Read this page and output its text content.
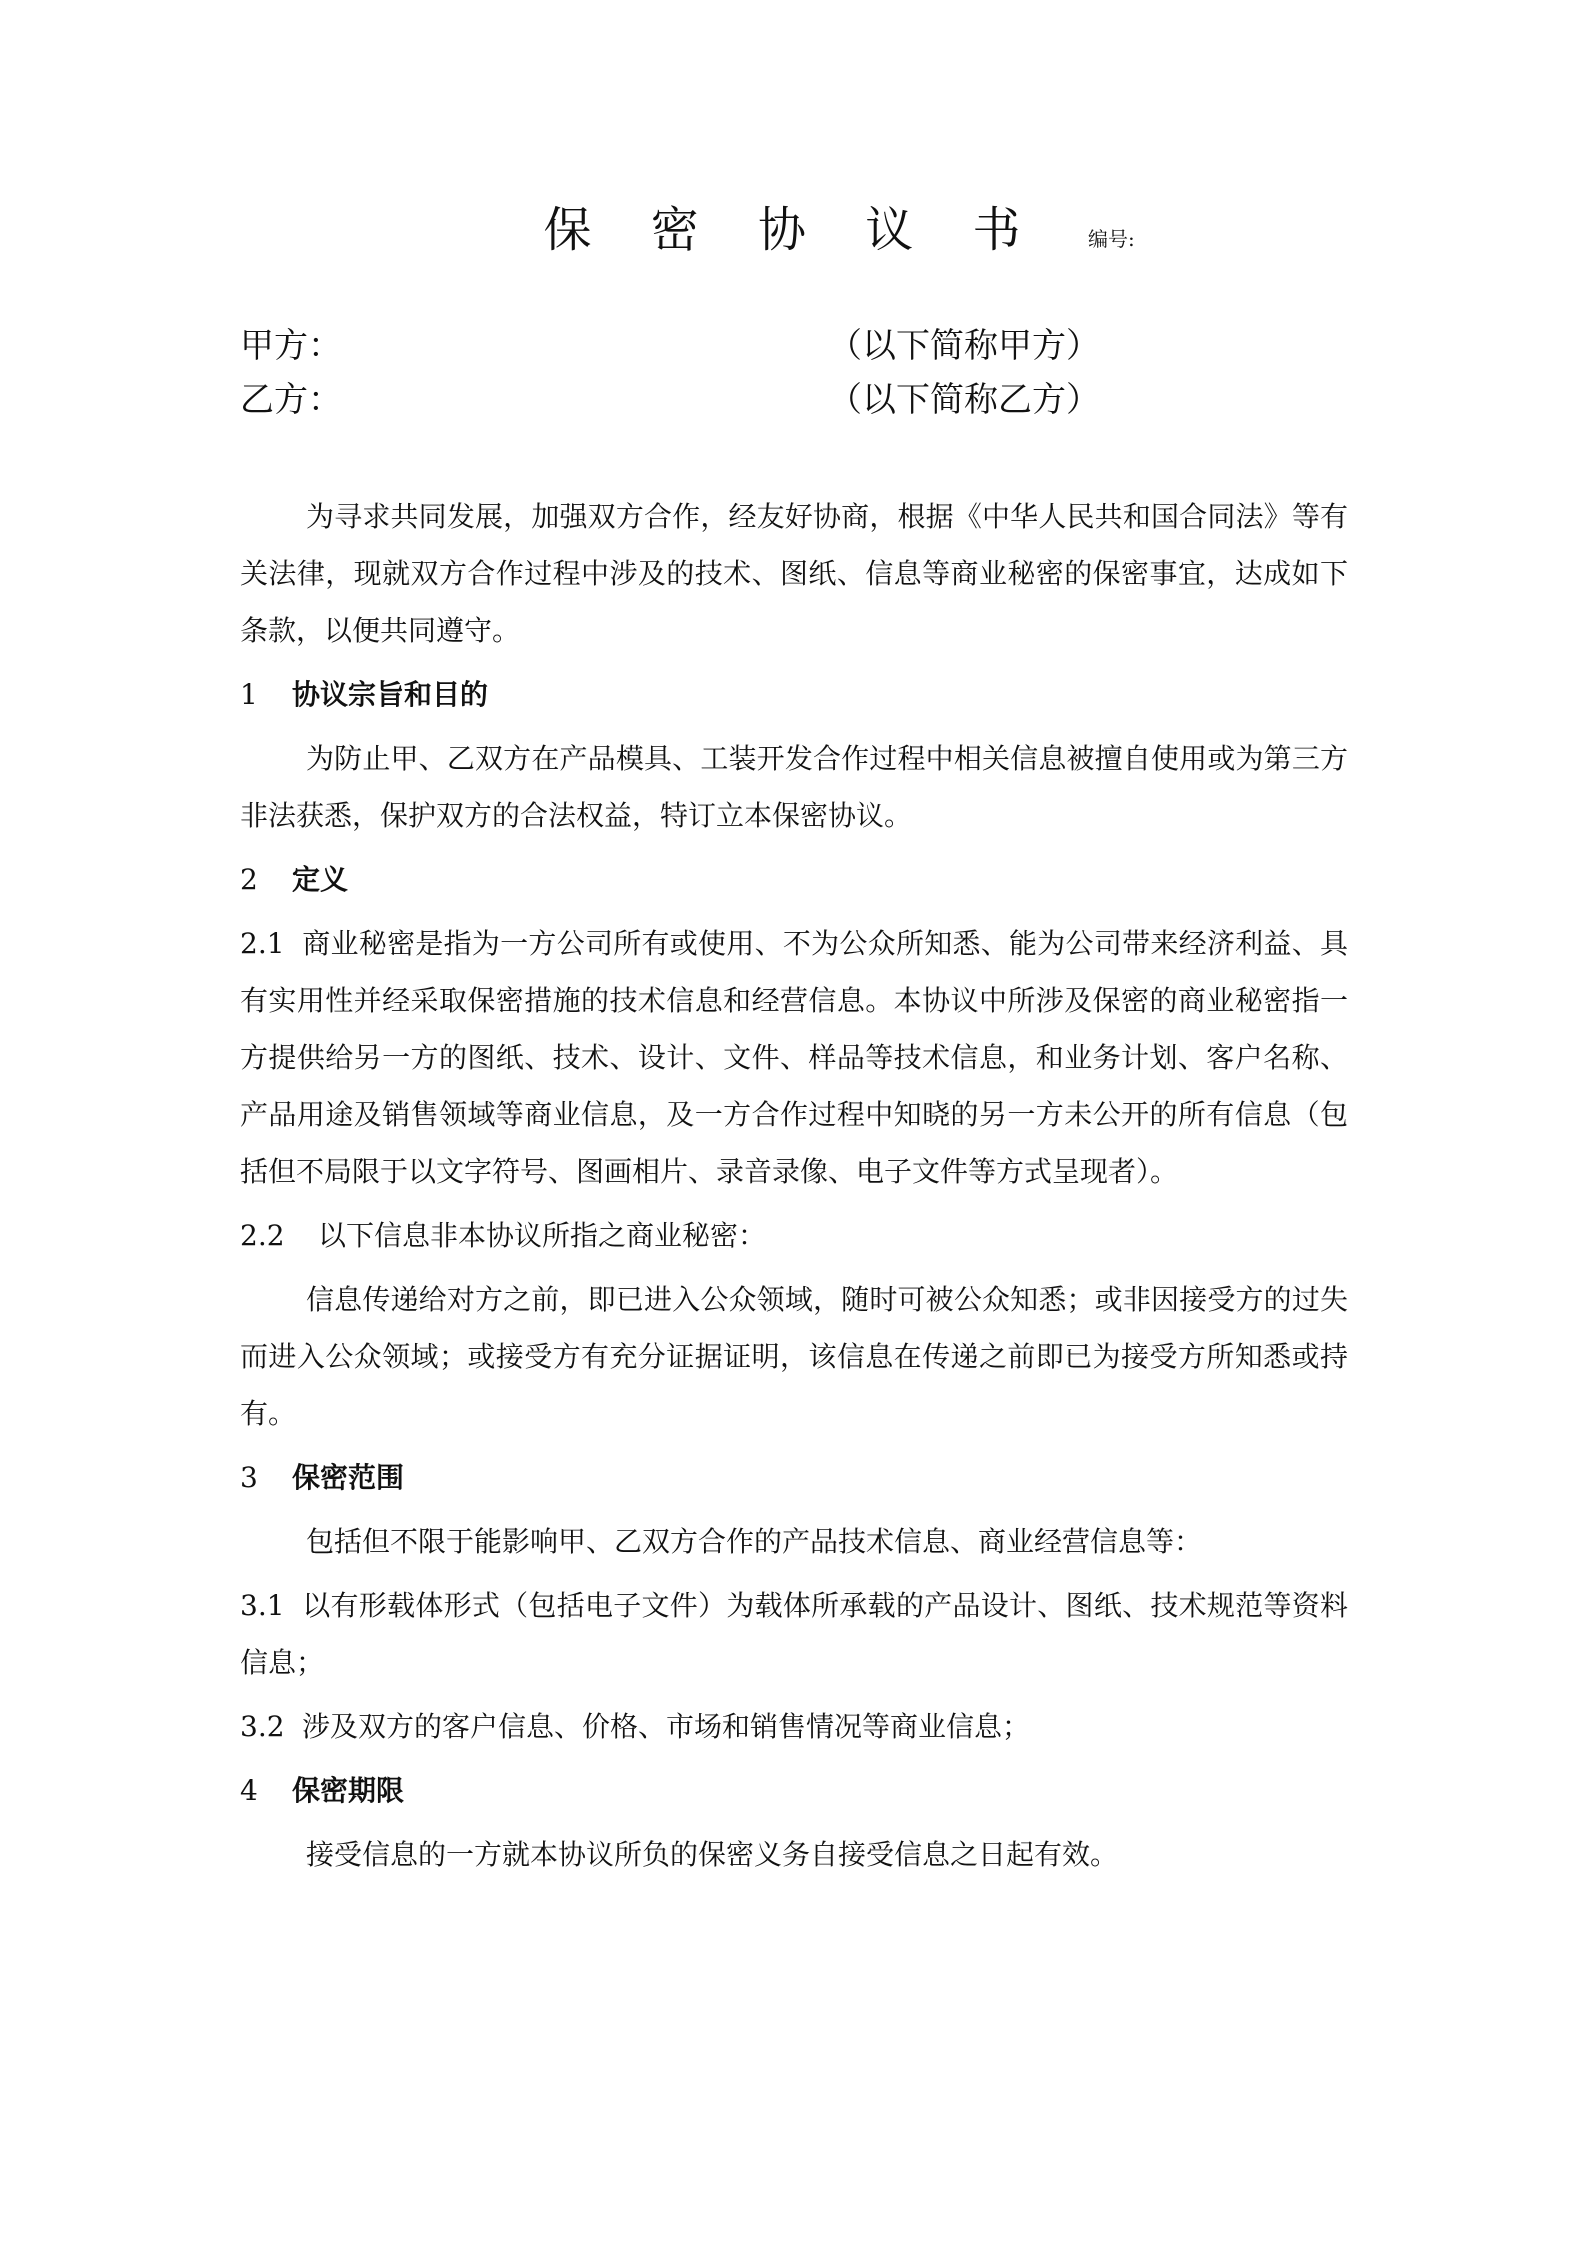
保 密 协 议 书	编号:
甲方：	（以下简称甲方）
乙方：	（以下简称乙方）

为寻求共同发展，加强双方合作，经友好协商，根据《中华人民共和国合同法》等有关法律，现就双方合作过程中涉及的技术、图纸、信息等商业秘密的保密事宜，达成如下条款，以便共同遵守。

1 协议宗旨和目的

为防止甲、乙双方在产品模具、工装开发合作过程中相关信息被擅自使用或为第三方非法获悉，保护双方的合法权益，特订立本保密协议。

2 定义

2.1 商业秘密是指为一方公司所有或使用、不为公众所知悉、能为公司带来经济利益、具有实用性并经采取保密措施的技术信息和经营信息。本协议中所涉及保密的商业秘密指一方提供给另一方的图纸、技术、设计、文件、样品等技术信息，和业务计划、客户名称、产品用途及销售领域等商业信息，及一方合作过程中知晓的另一方未公开的所有信息（包括但不局限于以文字符号、图画相片、录音录像、电子文件等方式呈现者）。

2.2 以下信息非本协议所指之商业秘密：

信息传递给对方之前，即已进入公众领域，随时可被公众知悉；或非因接受方的过失而进入公众领域；或接受方有充分证据证明，该信息在传递之前即已为接受方所知悉或持有。

3 保密范围

包括但不限于能影响甲、乙双方合作的产品技术信息、商业经营信息等：

3.1 以有形载体形式（包括电子文件）为载体所承载的产品设计、图纸、技术规范等资料信息；

3.2 涉及双方的客户信息、价格、市场和销售情况等商业信息；

4 保密期限

接受信息的一方就本协议所负的保密义务自接受信息之日起有效。
